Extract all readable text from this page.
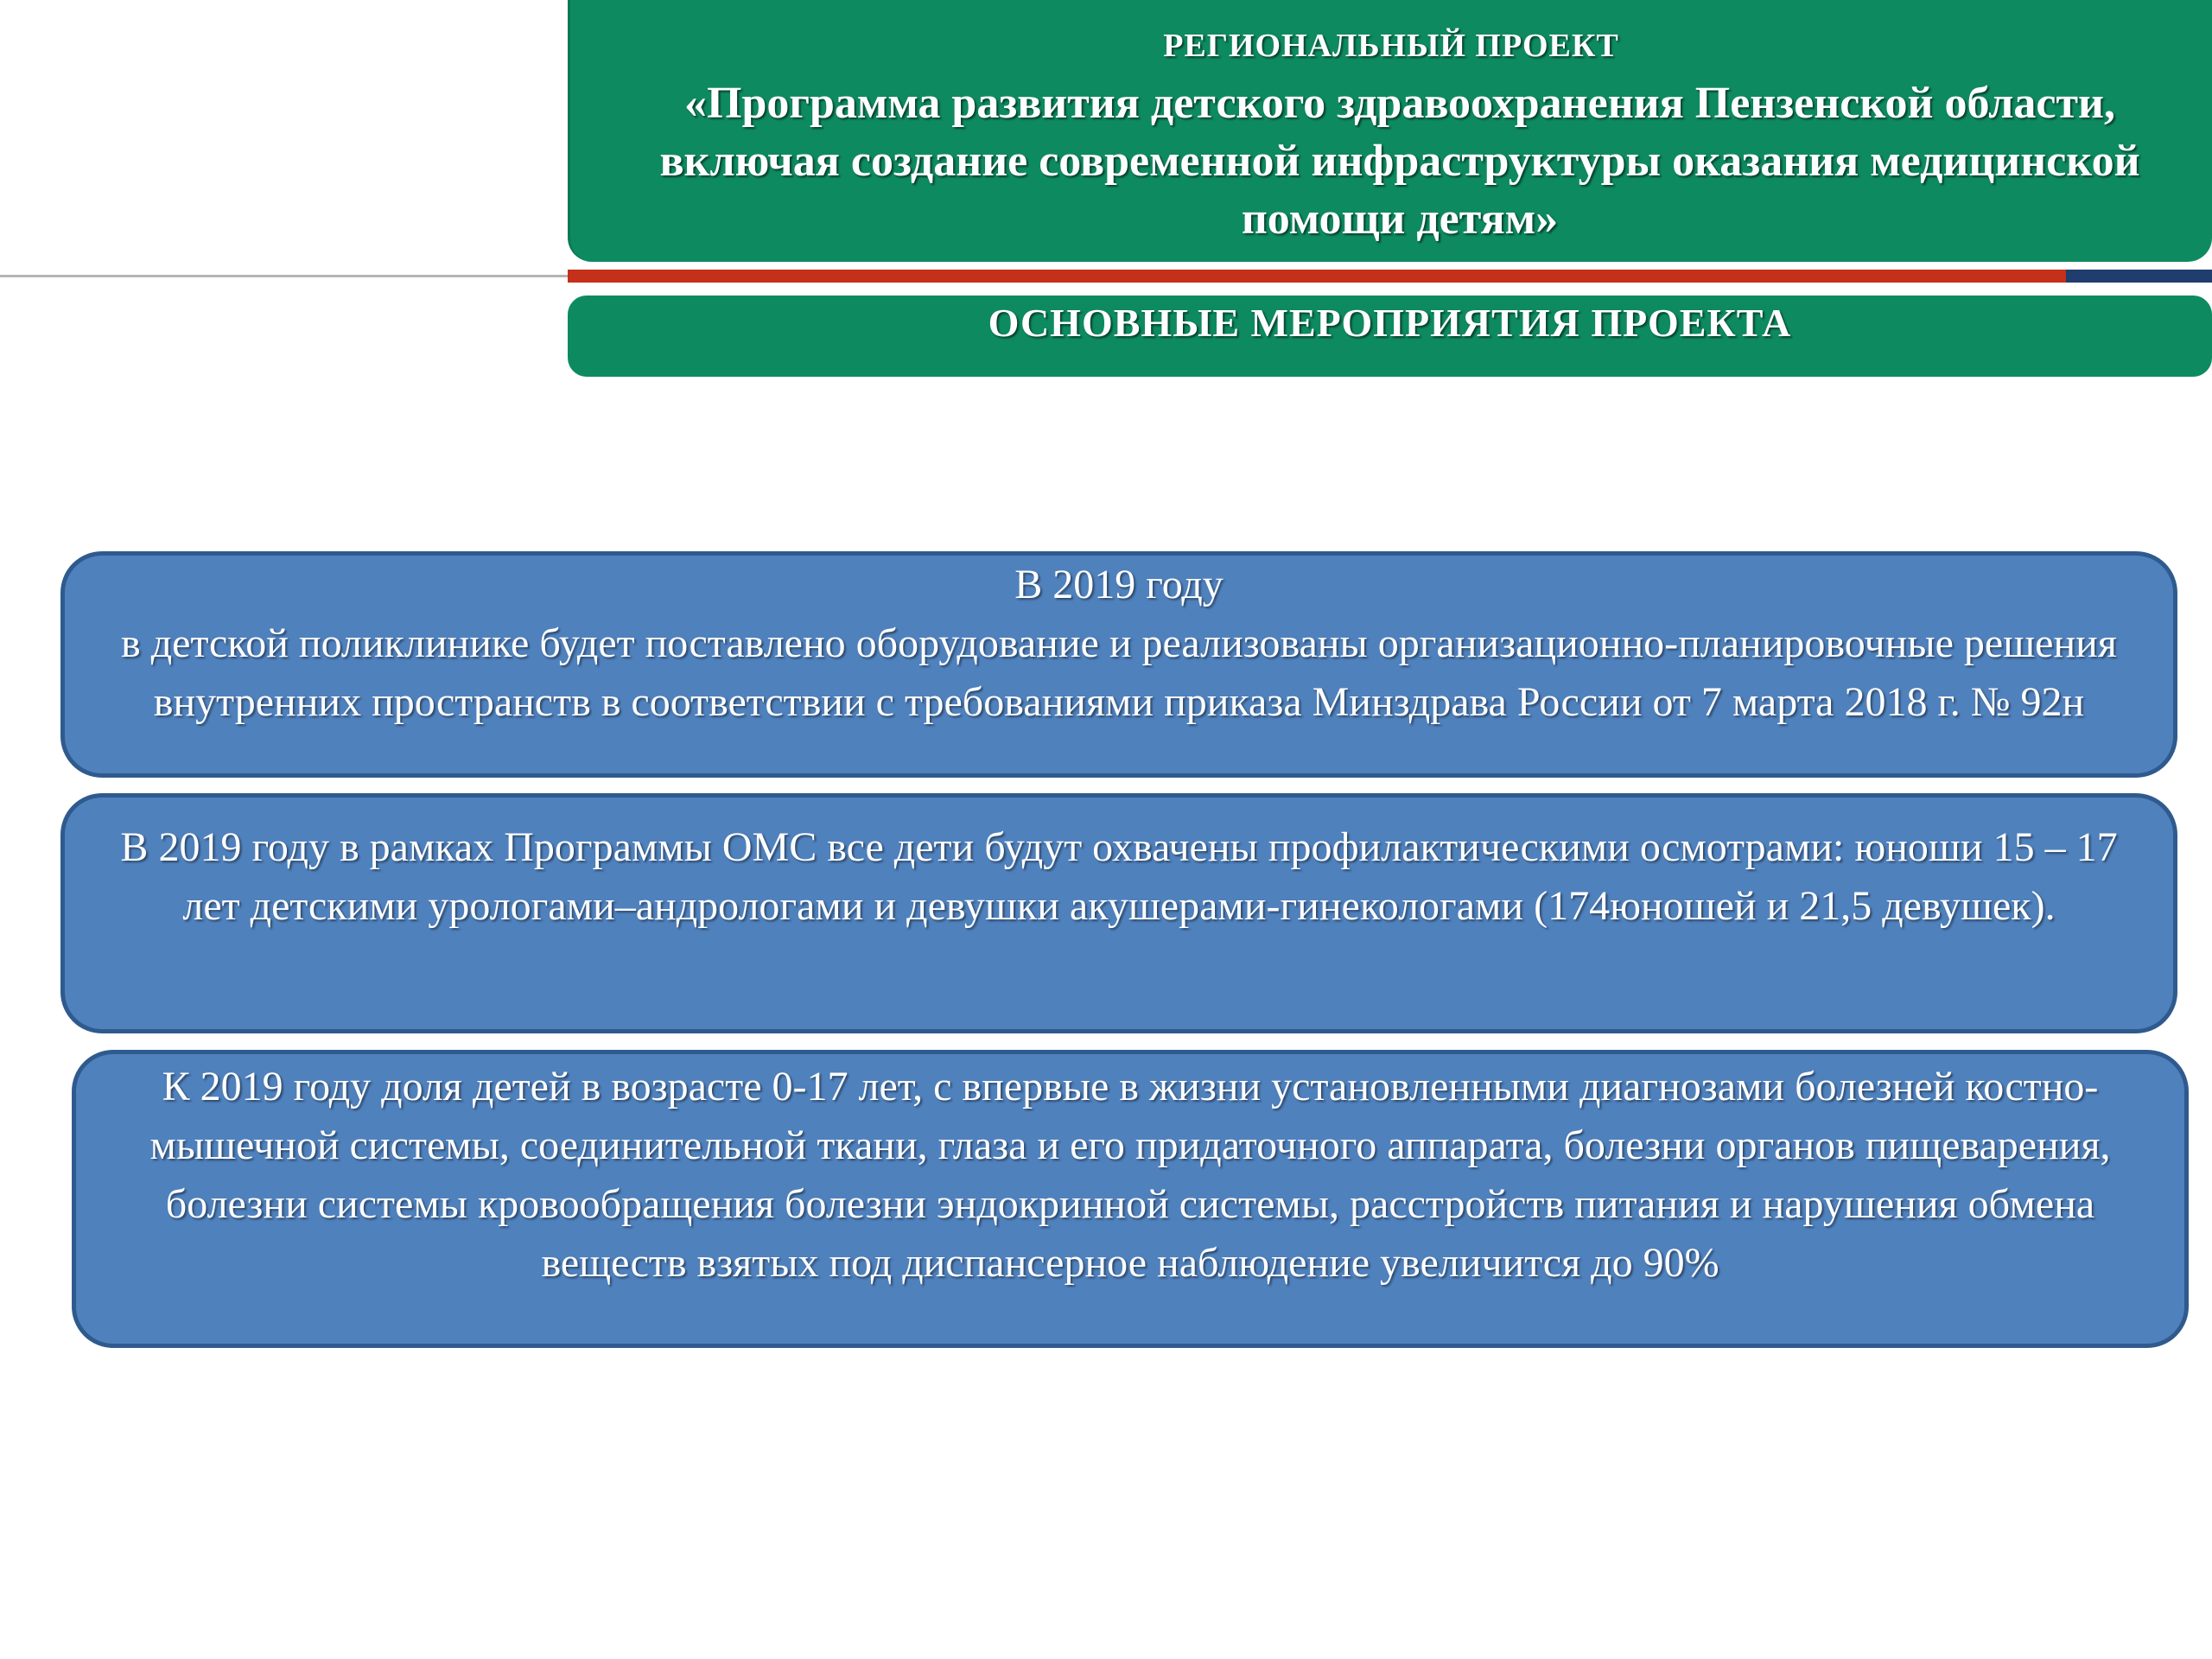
РЕГИОНАЛЬНЫЙ ПРОЕКТ
«Программа развития детского здравоохранения Пензенской области, включая создание современной инфраструктуры оказания медицинской помощи детям»
ОСНОВНЫЕ МЕРОПРИЯТИЯ ПРОЕКТА

В 2019 году
в детской поликлинике будет поставлено оборудование и реализованы организационно-планировочные решения внутренних пространств в соответствии с требованиями приказа Минздрава России от 7 марта 2018 г. № 92н

В 2019 году в рамках Программы ОМС все дети будут охвачены профилактическими осмотрами: юноши 15 – 17 лет детскими урологами–андрологами и девушки акушерами-гинекологами (174юношей и 21,5 девушек).

К 2019 году доля детей в возрасте 0-17 лет, с впервые в жизни установленными диагнозами болезней костно-мышечной системы, соединительной ткани, глаза и его придаточного аппарата, болезни органов пищеварения, болезни системы кровообращения болезни эндокринной системы, расстройств питания и нарушения обмена веществ взятых под диспансерное наблюдение увеличится до 90%
